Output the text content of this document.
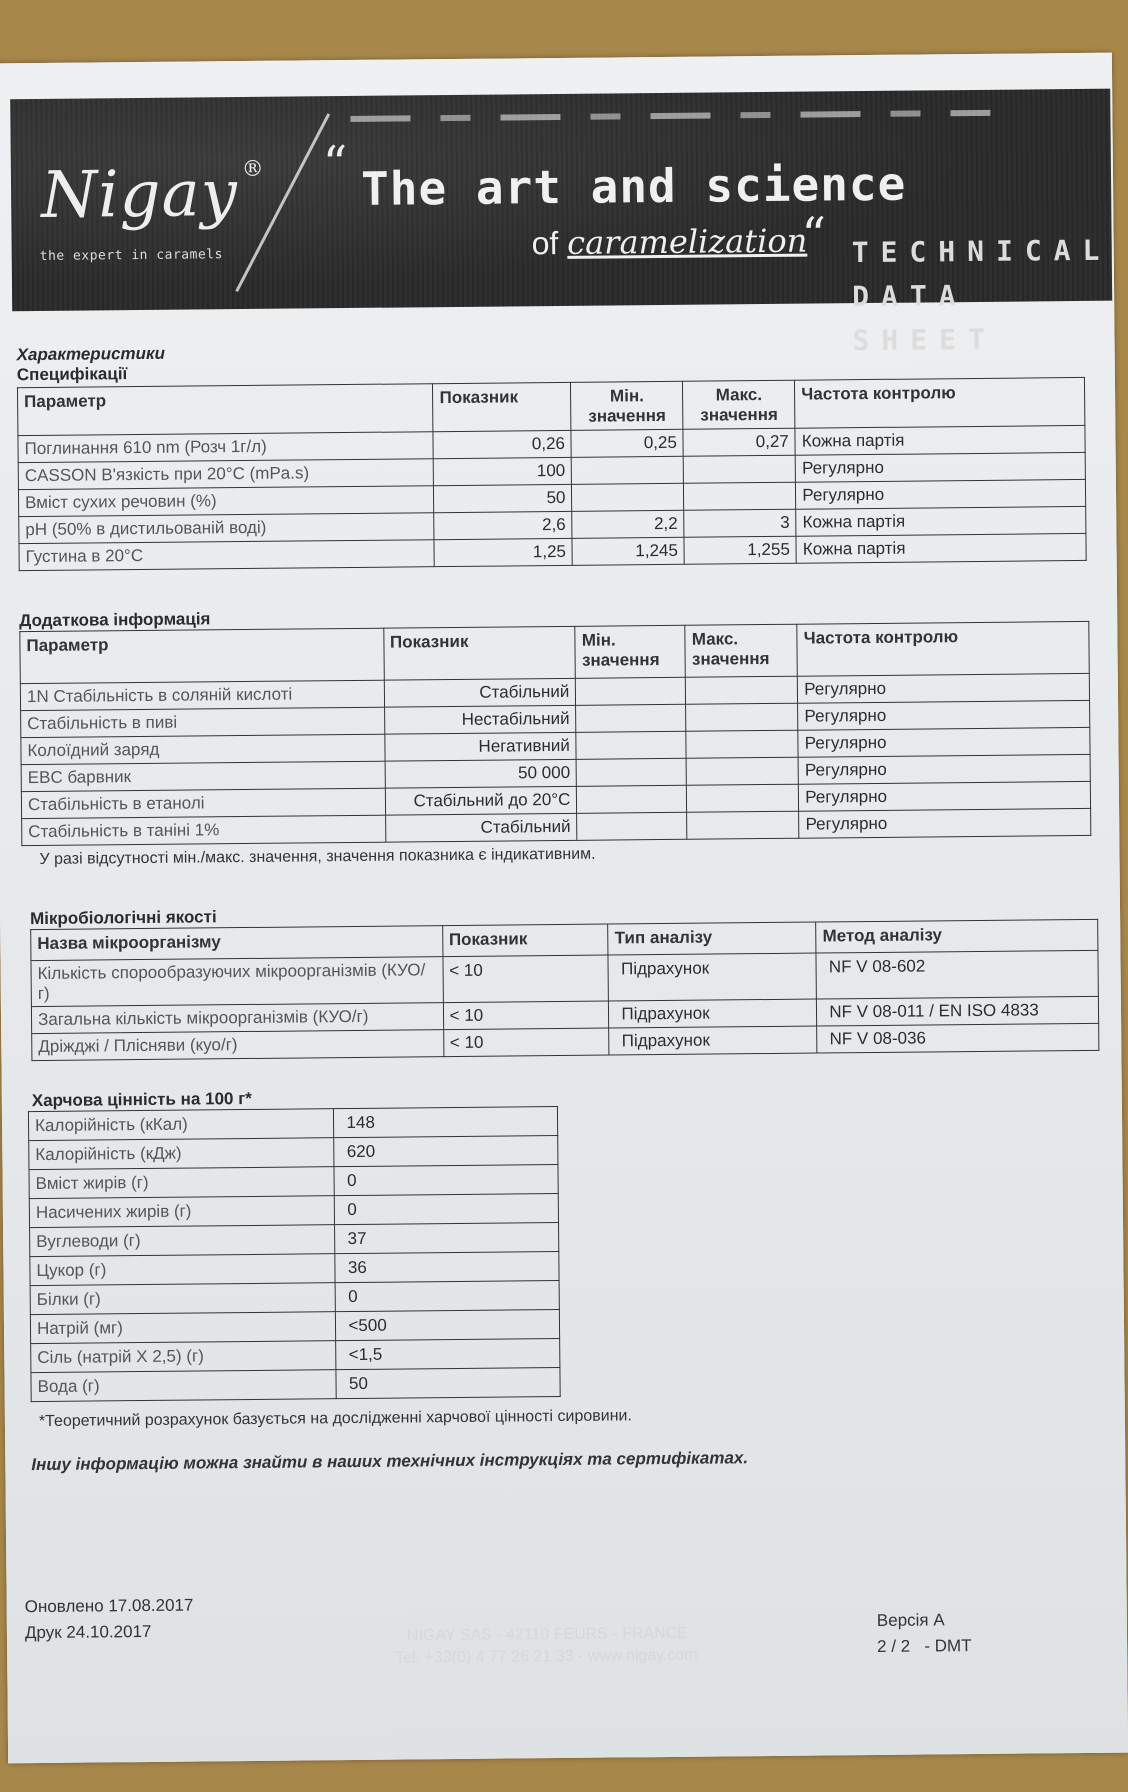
Nigay ®
the expert in caramels
“ The art and science
of caramelization
“ TECHNICAL
DATA SHEET
Характеристики
Специфікації
Параметр	Показник	Мін. значення	Макс. значення	Частота контролю
Поглинання 610 nm (Розч 1г/л)	0,26	0,25	0,27	Кожна партія
CASSON В'язкість при 20°С (mPa.s)	100			Регулярно
Вміст сухих речовин (%)	50			Регулярно
pH (50% в дистильованій воді)	2,6	2,2	3	Кожна партія
Густина в 20°С	1,25	1,245	1,255	Кожна партія
Додаткова інформація
Параметр	Показник	Мін. значення	Макс. значення	Частота контролю
1N Стабільність в соляній кислоті	Стабільний			Регулярно
Стабільність в пиві	Нестабільний			Регулярно
Колоїдний заряд	Негативний			Регулярно
EBC барвник	50 000			Регулярно
Стабільність в етанолі	Стабільний до 20°С			Регулярно
Стабільність в таніні 1%	Стабільний			Регулярно
У разі відсутності мін./макс. значення, значення показника є індикативним.
Мікробіологічні якості
Назва мікроорганізму	Показник	Тип аналізу	Метод аналізу
Кількість спорообразуючих мікроорганізмів (КУО/г)	< 10	Підрахунок	NF V 08-602
Загальна кількість мікроорганізмів (КУО/г)	< 10	Підрахунок	NF V 08-011 / EN ISO 4833
Дріжджі / Плісняви (куо/г)	< 10	Підрахунок	NF V 08-036
Харчова цінність на 100 г*
Калорійність (кКал)	148
Калорійність (кДж)	620
Вміст жирів (г)	0
Насичених жирів (г)	0
Вуглеводи (г)	37
Цукор (г)	36
Білки (г)	0
Натрій (мг)	<500
Сіль (натрій X 2,5) (г)	<1,5
Вода (г)	50
*Теоретичний розрахунок базується на дослідженні харчової цінності сировини.
Іншу інформацію можна знайти в наших технічних інструкціях та сертифікатах.
Оновлено 17.08.2017
Друк 24.10.2017	NIGAY SAS - 42110 FEURS - FRANCE
Tel. +33(0) 4 77 26 21 33 - www.nigay.com
Версія А
2 / 2   - DMT
